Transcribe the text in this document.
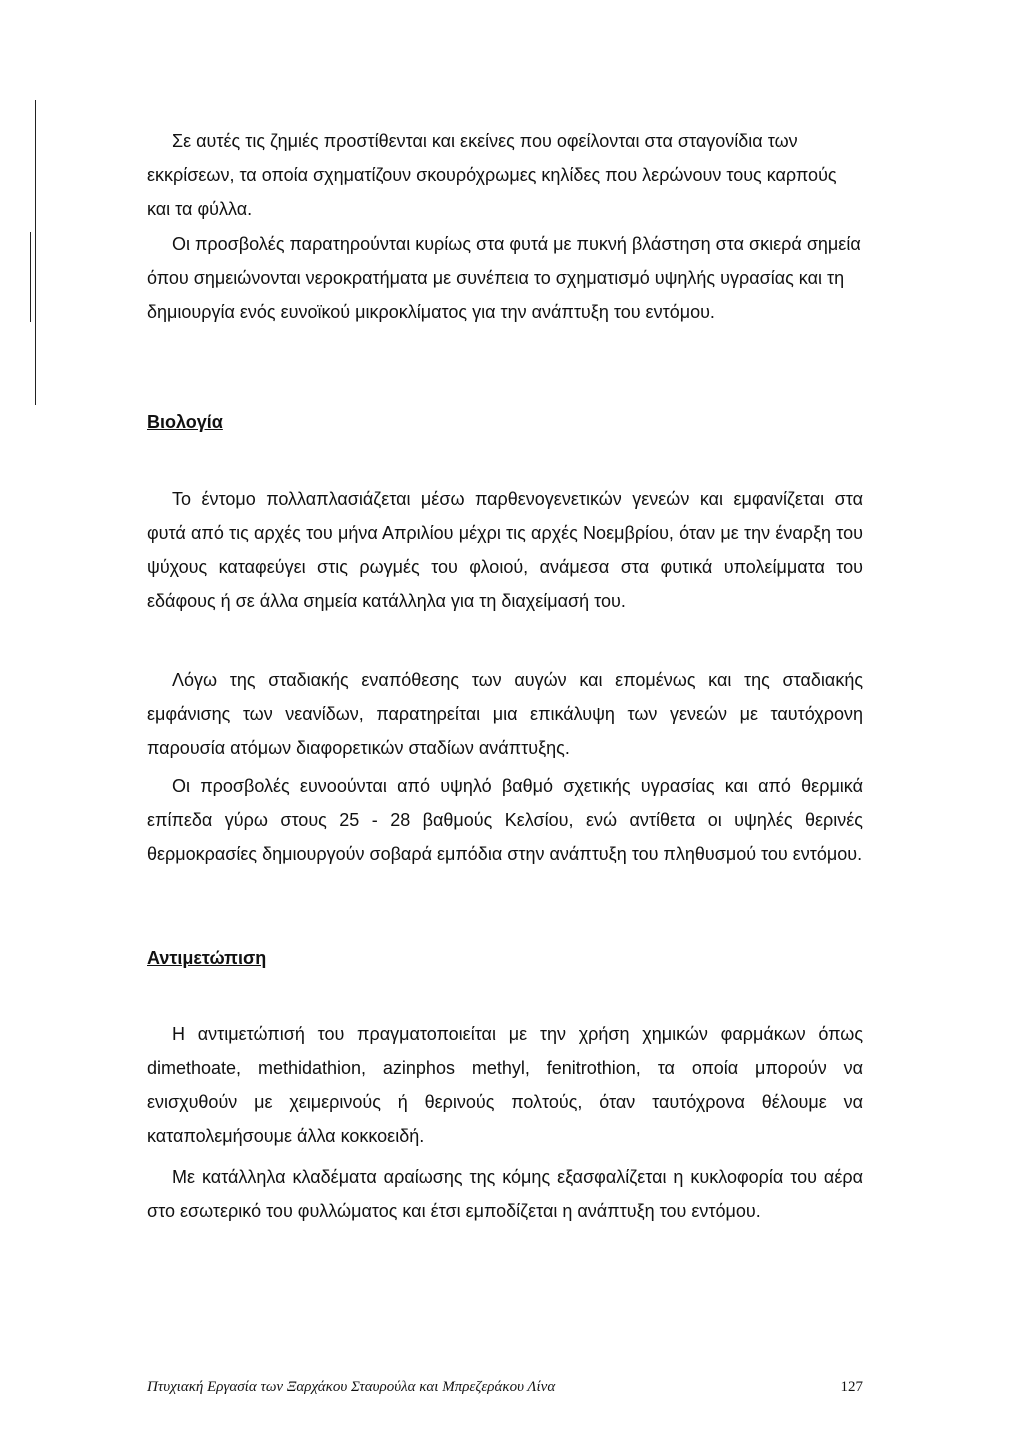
Σε αυτές τις ζημιές προστίθενται και εκείνες που οφείλονται στα σταγονίδια των εκκρίσεων, τα οποία σχηματίζουν σκουρόχρωμες κηλίδες που λερώνουν τους καρπούς και τα φύλλα.

Οι προσβολές παρατηρούνται κυρίως στα φυτά με πυκνή βλάστηση στα σκιερά σημεία όπου σημειώνονται νεροκρατήματα με συνέπεια το σχηματισμό υψηλής υγρασίας και τη δημιουργία ενός ευνοϊκού μικροκλίματος για την ανάπτυξη του εντόμου.

Βιολογία

Το έντομο πολλαπλασιάζεται μέσω παρθενογενετικών γενεών και εμφανίζεται στα φυτά από τις αρχές του μήνα Απριλίου μέχρι τις αρχές Νοεμβρίου, όταν με την έναρξη του ψύχους καταφεύγει στις ρωγμές του φλοιού, ανάμεσα στα φυτικά υπολείμματα του εδάφους ή σε άλλα σημεία κατάλληλα για τη διαχείμασή του.

Λόγω της σταδιακής εναπόθεσης των αυγών και επομένως και της σταδιακής εμφάνισης των νεανίδων, παρατηρείται μια επικάλυψη των γενεών με ταυτόχρονη παρουσία ατόμων διαφορετικών σταδίων ανάπτυξης.

Οι προσβολές ευνοούνται από υψηλό βαθμό σχετικής υγρασίας και από θερμικά επίπεδα γύρω στους 25 - 28 βαθμούς Κελσίου, ενώ αντίθετα οι υψηλές θερινές θερμοκρασίες δημιουργούν σοβαρά εμπόδια στην ανάπτυξη του πληθυσμού του εντόμου.

Αντιμετώπιση

Η αντιμετώπισή του πραγματοποιείται με την χρήση χημικών φαρμάκων όπως dimethoate, methidathion, azinphos methyl, fenitrothion, τα οποία μπορούν να ενισχυθούν με χειμερινούς ή θερινούς πολτούς, όταν ταυτόχρονα θέλουμε να καταπολεμήσουμε άλλα κοκκοειδή.

Με κατάλληλα κλαδέματα αραίωσης της κόμης εξασφαλίζεται η κυκλοφορία του αέρα στο εσωτερικό του φυλλώματος και έτσι εμποδίζεται η ανάπτυξη του εντόμου.

Πτυχιακή Εργασία των Ξαρχάκου Σταυρούλα και Μπρεζεράκου Λίνα	127
